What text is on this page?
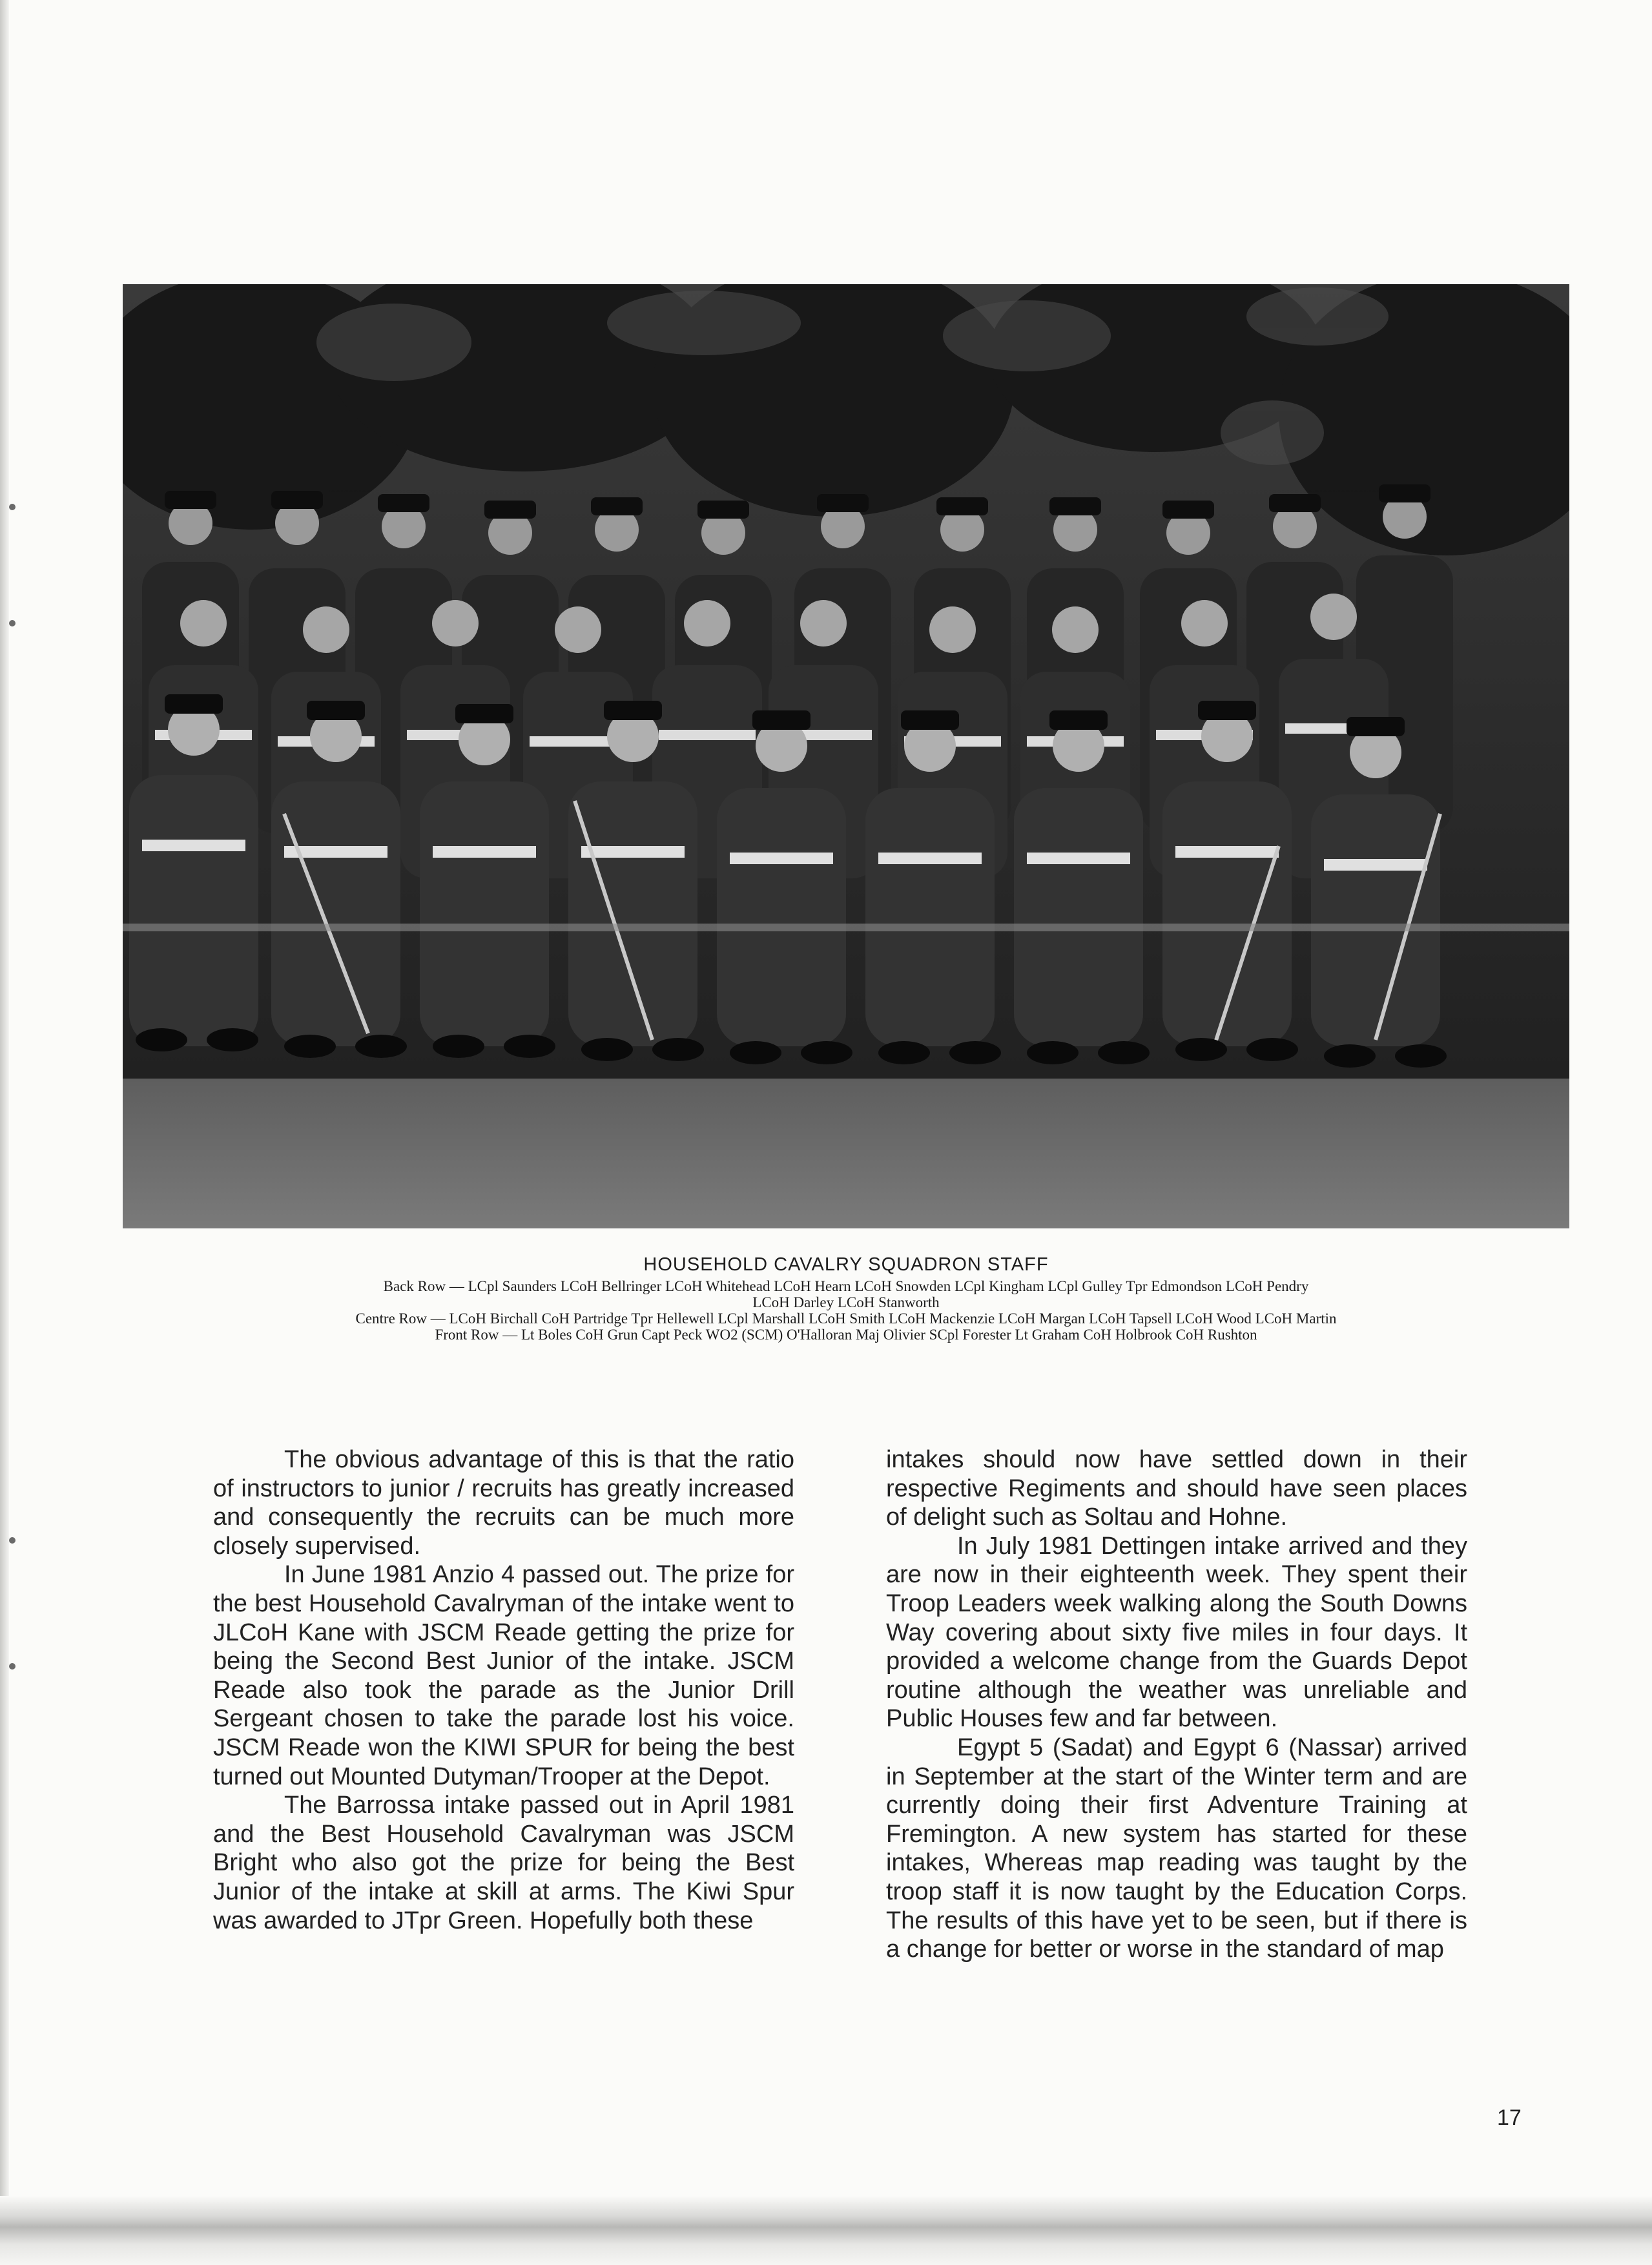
HOUSEHOLD CAVALRY SQUADRON STAFF
Back Row — LCpl Saunders LCoH Bellringer LCoH Whitehead LCoH Hearn LCoH Snowden LCpl Kingham LCpl Gulley Tpr Edmondson LCoH Pendry
LCoH Darley LCoH Stanworth
Centre Row — LCoH Birchall CoH Partridge Tpr Hellewell LCpl Marshall LCoH Smith LCoH Mackenzie LCoH Margan LCoH Tapsell LCoH Wood LCoH Martin
Front Row — Lt Boles CoH Grun Capt Peck WO2 (SCM) O'Halloran Maj Olivier SCpl Forester Lt Graham CoH Holbrook CoH Rushton

The obvious advantage of this is that the ratio of instructors to junior / recruits has greatly increased and consequently the recruits can be much more closely supervised.

In June 1981 Anzio 4 passed out. The prize for the best Household Cavalryman of the intake went to JLCoH Kane with JSCM Reade getting the prize for being the Second Best Junior of the intake. JSCM Reade also took the parade as the Junior Drill Sergeant chosen to take the parade lost his voice. JSCM Reade won the KIWI SPUR for being the best turned out Mounted Dutyman/Trooper at the Depot.

The Barrossa intake passed out in April 1981 and the Best Household Cavalryman was JSCM Bright who also got the prize for being the Best Junior of the intake at skill at arms. The Kiwi Spur was awarded to JTpr Green. Hopefully both these

intakes should now have settled down in their respective Regiments and should have seen places of delight such as Soltau and Hohne.

In July 1981 Dettingen intake arrived and they are now in their eighteenth week. They spent their Troop Leaders week walking along the South Downs Way covering about sixty five miles in four days. It provided a welcome change from the Guards Depot routine although the weather was unreliable and Public Houses few and far between.

Egypt 5 (Sadat) and Egypt 6 (Nassar) arrived in September at the start of the Winter term and are currently doing their first Adventure Training at Fremington. A new system has started for these intakes, Whereas map reading was taught by the troop staff it is now taught by the Education Corps. The results of this have yet to be seen, but if there is a change for better or worse in the standard of map

17
